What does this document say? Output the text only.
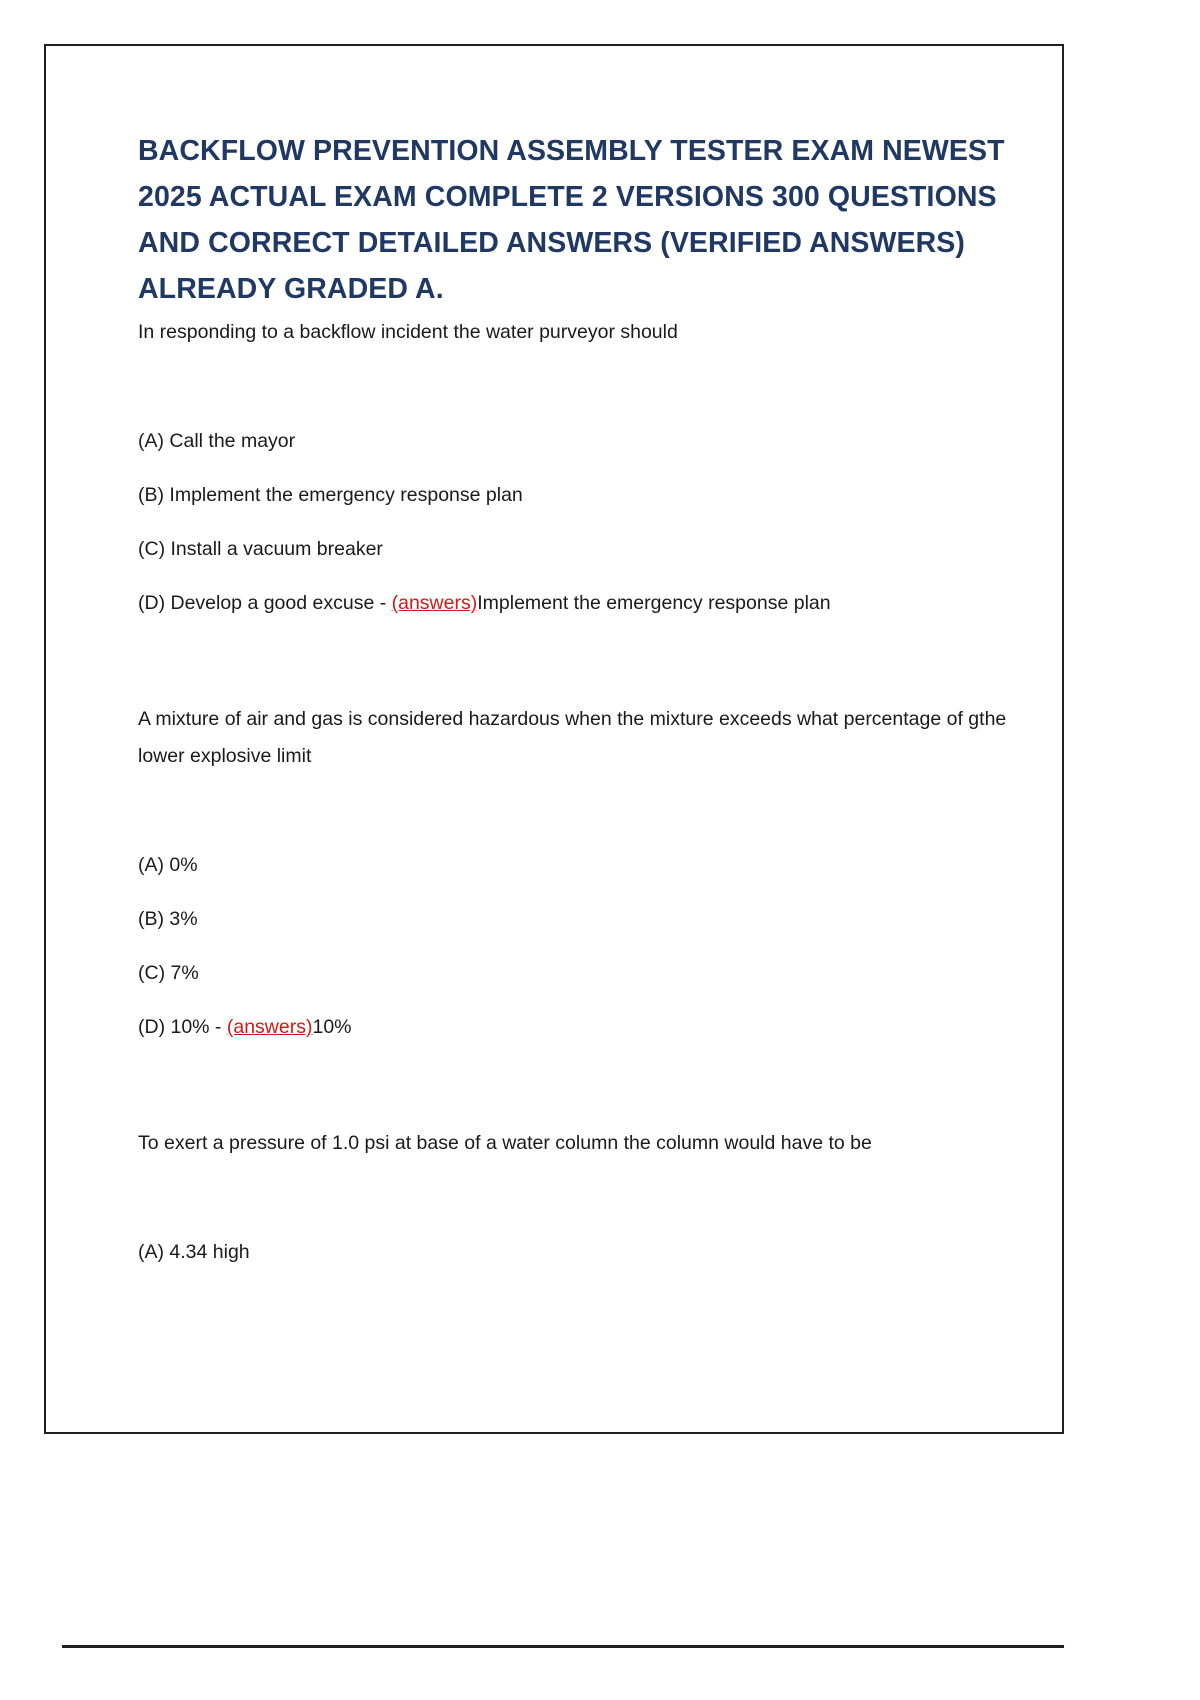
BACKFLOW PREVENTION ASSEMBLY TESTER EXAM NEWEST 2025 ACTUAL EXAM COMPLETE 2 VERSIONS 300 QUESTIONS AND CORRECT DETAILED ANSWERS (VERIFIED ANSWERS) ALREADY GRADED A.
In responding to a backflow incident the water purveyor should
(A) Call the mayor
(B) Implement the emergency response plan
(C) Install a vacuum breaker
(D) Develop a good excuse - (answers)Implement the emergency response plan
A mixture of air and gas is considered hazardous when the mixture exceeds what percentage of gthe lower explosive limit
(A) 0%
(B) 3%
(C) 7%
(D) 10% - (answers)10%
To exert a pressure of 1.0 psi at base of a water column the column would have to be
(A) 4.34 high
